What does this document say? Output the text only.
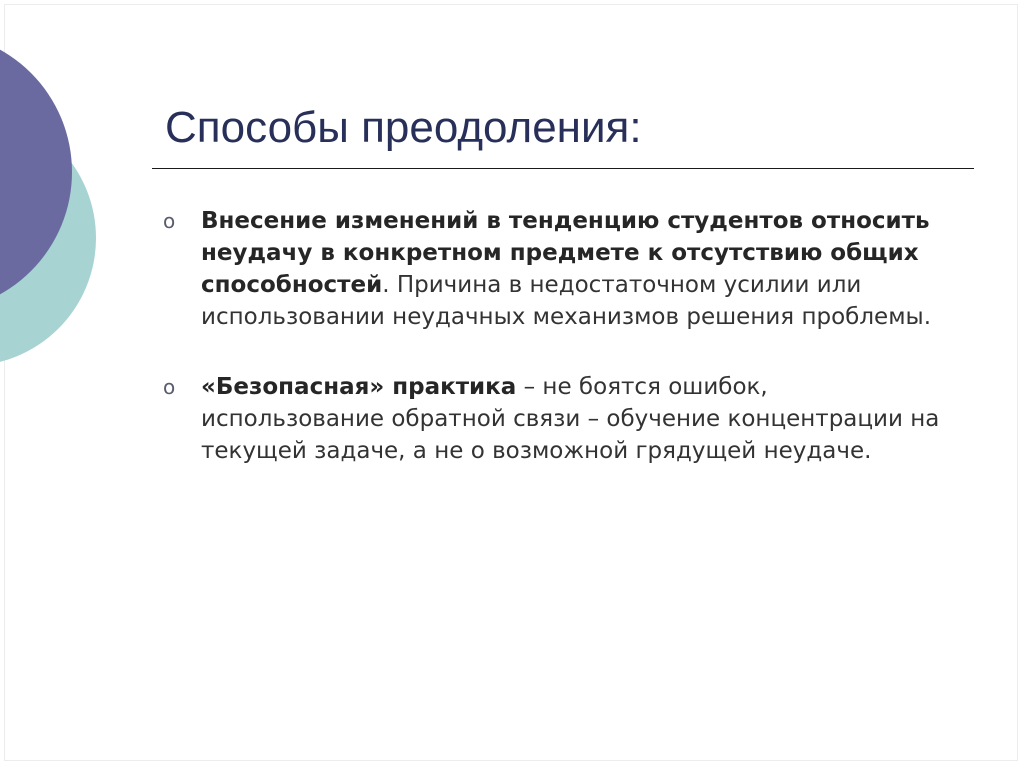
Способы преодоления:
o	Внесение изменений в тенденцию студентов относить неудачу в конкретном предмете к отсутствию общих способностей. Причина в недостаточном усилии или использовании неудачных механизмов решения проблемы.
o	«Безопасная» практика – не боятся ошибок, использование обратной связи – обучение концентрации на текущей задаче, а не о возможной грядущей неудаче.
